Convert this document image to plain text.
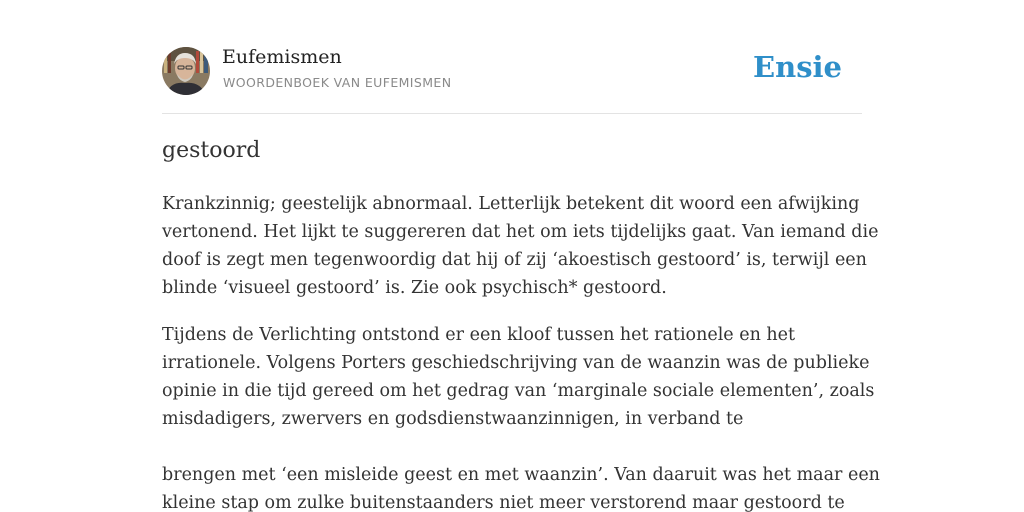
Eufemismen
WOORDENBOEK VAN EUFEMISMEN	Ensie
gestoord

Krankzinnig; geestelijk abnormaal. Letterlijk betekent dit woord een afwijking
vertonend. Het lijkt te suggereren dat het om iets tijdelijks gaat. Van iemand die
doof is zegt men tegenwoordig dat hij of zij ‘akoestisch gestoord’ is, terwijl een
blinde ‘visueel gestoord’ is. Zie ook psychisch* gestoord.

Tijdens de Verlichting ontstond er een kloof tussen het rationele en het
irrationele. Volgens Porters geschiedschrijving van de waanzin was de publieke
opinie in die tijd gereed om het gedrag van ‘marginale sociale elementen’, zoals
misdadigers, zwervers en godsdienstwaanzinnigen, in verband te

brengen met ‘een misleide geest en met waanzin’. Van daaruit was het maar een
kleine stap om zulke buitenstaanders niet meer verstorend maar gestoord te
